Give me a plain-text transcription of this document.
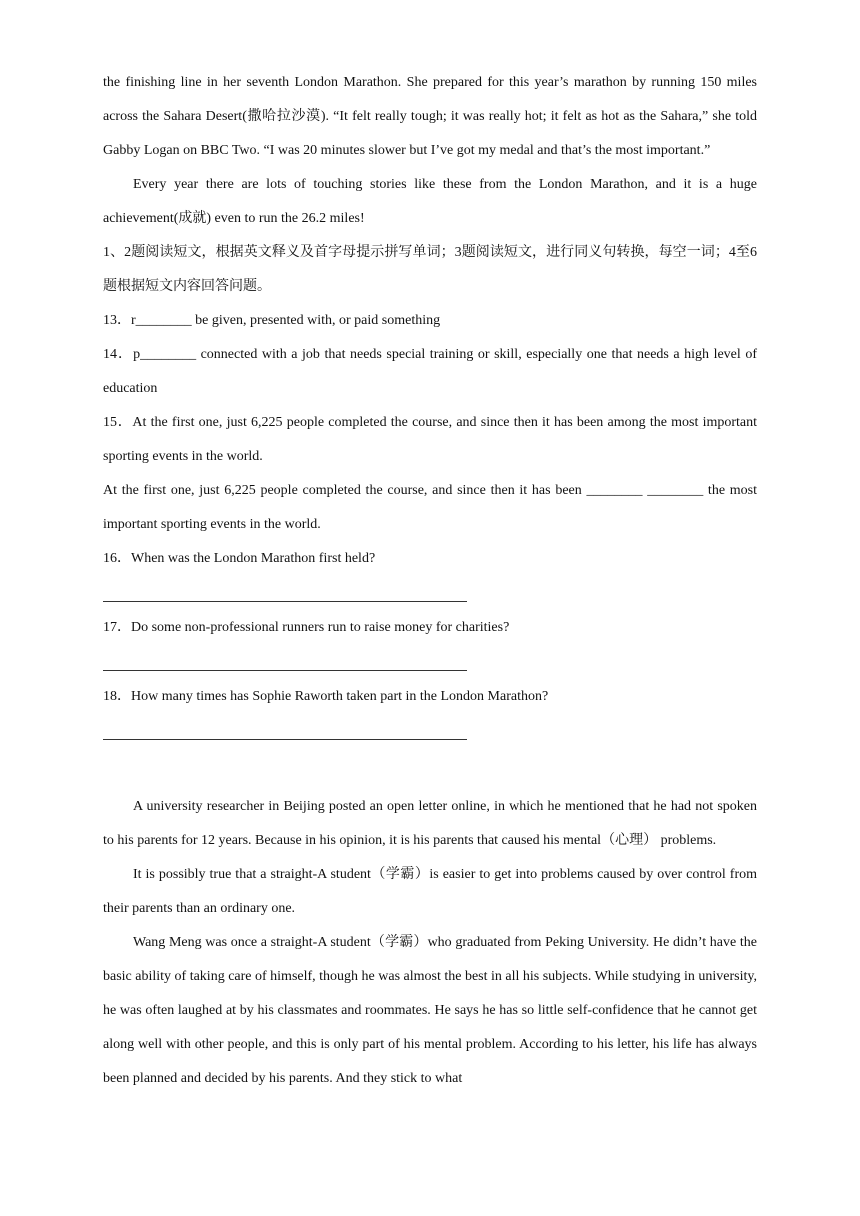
the finishing line in her seventh London Marathon. She prepared for this year’s marathon by running 150 miles across the Sahara Desert(撒哈拉沙漠). “It felt really tough; it was really hot; it felt as hot as the Sahara,” she told Gabby Logan on BBC Two. “I was 20 minutes slower but I’ve got my medal and that’s the most important.”

Every year there are lots of touching stories like these from the London Marathon, and it is a huge achievement(成就) even to run the 26.2 miles!

1、2题阅读短文，根据英文释义及首字母提示拼写单词；3题阅读短文，进行同义句转换，每空一词；4至6题根据短文内容回答问题。

13．r________ be given, presented with, or paid something

14．p________ connected with a job that needs special training or skill, especially one that needs a high level of education

15．At the first one, just 6,225 people completed the course, and since then it has been among the most important sporting events in the world.

At the first one, just 6,225 people completed the course, and since then it has been ________ ________ the most important sporting events in the world.

16．When was the London Marathon first held?

17．Do some non-professional runners run to raise money for charities?

18．How many times has Sophie Raworth taken part in the London Marathon?

A university researcher in Beijing posted an open letter online, in which he mentioned that he had not spoken to his parents for 12 years. Because in his opinion, it is his parents that caused his mental（心理） problems.

It is possibly true that a straight-A student（学霸）is easier to get into problems caused by over control from their parents than an ordinary one.

Wang Meng was once a straight-A student（学霸）who graduated from Peking University. He didn’t have the basic ability of taking care of himself, though he was almost the best in all his subjects. While studying in university, he was often laughed at by his classmates and roommates. He says he has so little self-confidence that he cannot get along well with other people, and this is only part of his mental problem. According to his letter, his life has always been planned and decided by his parents. And they stick to what
